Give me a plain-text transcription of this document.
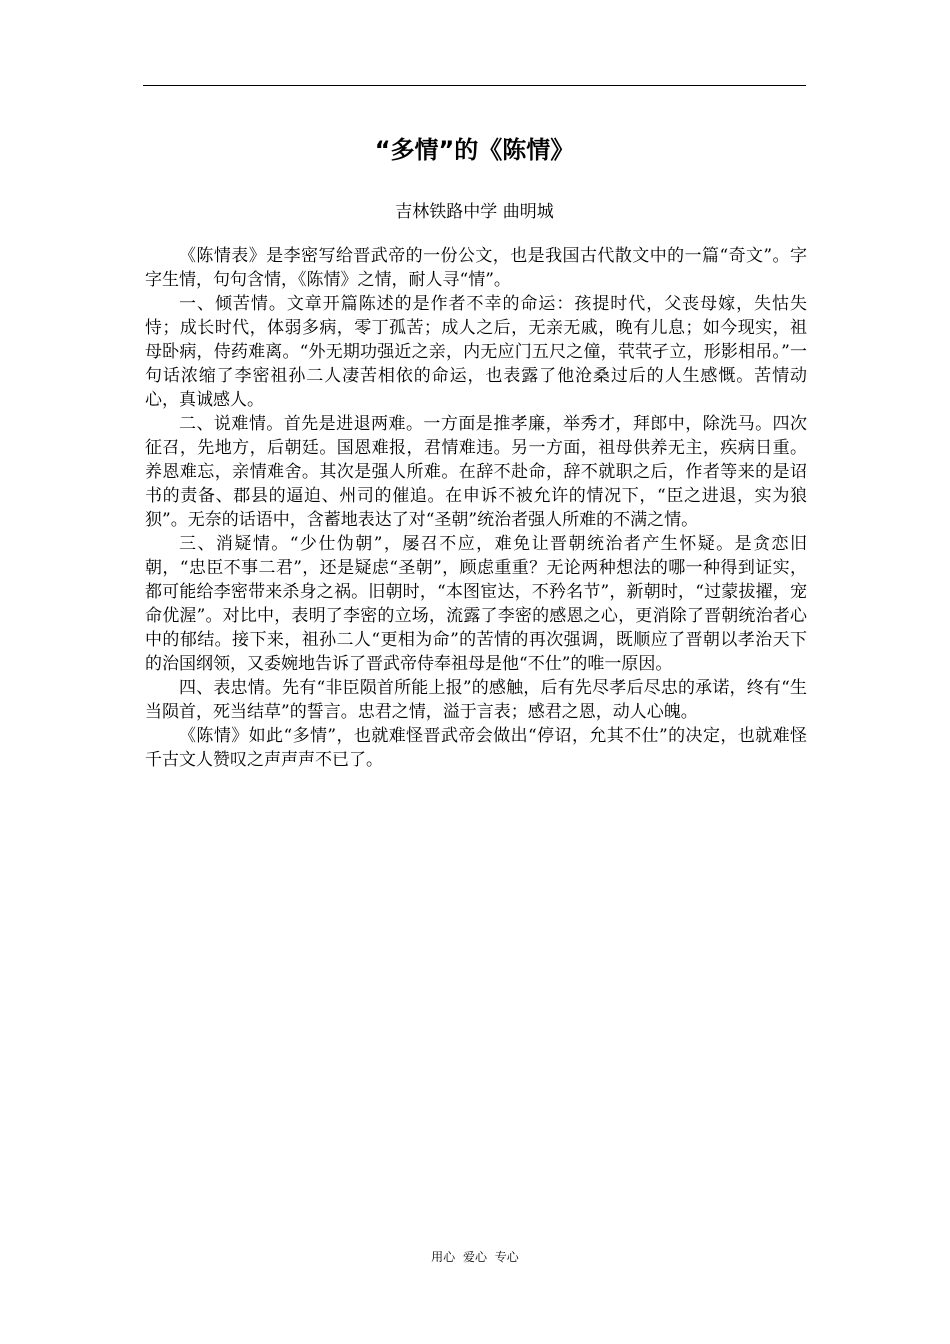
“多情”的《陈情》

吉林铁路中学 曲明城

《陈情表》是李密写给晋武帝的一份公文，也是我国古代散文中的一篇“奇文”。字字生情，句句含情，《陈情》之情，耐人寻“情”。

一、倾苦情。文章开篇陈述的是作者不幸的命运：孩提时代，父丧母嫁，失怙失恃；成长时代，体弱多病，零丁孤苦；成人之后，无亲无戚，晚有儿息；如今现实，祖母卧病，侍药难离。“外无期功强近之亲，内无应门五尺之僮，茕茕孑立，形影相吊。”一句话浓缩了李密祖孙二人凄苦相依的命运，也表露了他沧桑过后的人生感慨。苦情动心，真诚感人。

二、说难情。首先是进退两难。一方面是推孝廉，举秀才，拜郎中，除洗马。四次征召，先地方，后朝廷。国恩难报，君情难违。另一方面，祖母供养无主，疾病日重。养恩难忘，亲情难舍。其次是强人所难。在辞不赴命，辞不就职之后，作者等来的是诏书的责备、郡县的逼迫、州司的催追。在申诉不被允许的情况下，“臣之进退，实为狼狈”。无奈的话语中，含蓄地表达了对“圣朝”统治者强人所难的不满之情。

三、消疑情。“少仕伪朝”，屡召不应，难免让晋朝统治者产生怀疑。是贪恋旧朝，“忠臣不事二君”，还是疑虑“圣朝”，顾虑重重？无论两种想法的哪一种得到证实，都可能给李密带来杀身之祸。旧朝时，“本图宦达，不矜名节”，新朝时，“过蒙拔擢，宠命优渥”。对比中，表明了李密的立场，流露了李密的感恩之心，更消除了晋朝统治者心中的郁结。接下来，祖孙二人“更相为命”的苦情的再次强调，既顺应了晋朝以孝治天下的治国纲领，又委婉地告诉了晋武帝侍奉祖母是他“不仕”的唯一原因。

四、表忠情。先有“非臣陨首所能上报”的感触，后有先尽孝后尽忠的承诺，终有“生当陨首，死当结草”的誓言。忠君之情，溢于言表；感君之恩，动人心魄。

《陈情》如此“多情”，也就难怪晋武帝会做出“停诏，允其不仕”的决定，也就难怪千古文人赞叹之声声声不已了。

用心 爱心 专心
